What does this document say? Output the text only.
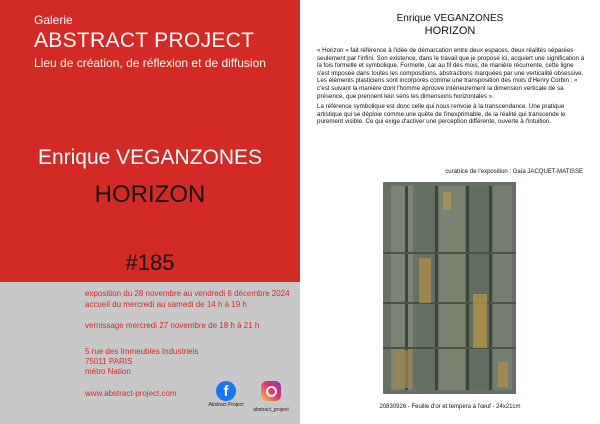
Galerie
ABSTRACT PROJECT
Lieu de création, de réflexion et de diffusion
Enrique VEGANZONES
HORIZON
#185
exposition du 28 novembre au vendredi 6 décembre 2024
accueil du mercredi au samedi de 14 h à 19 h
vernissage mercredi 27 novembre de 18 h à 21 h
5 rue des Immeubles Industriels
75011 PARIS
métro Nation
www.abstract-project.com	f
Abstract Project
abstract_project
Enrique VEGANZONES
HORIZON

« Horizon » fait référence à l'idée de démarcation entre deux espaces, deux réalités séparées seulement par l'infini. Son existence, dans le travail que je propose ici, acquiert une signification à la fois formelle et symbolique. Formelle, car au fil des mois, de manière récurrente, cette ligne s'est imposée dans toutes les compositions, abstractions marquées par une verticalité obsessive. Les éléments plasticiens sont incorporés comme une transposition des mots d'Henry Corbin : « c'est suivant la manière dont l'homme éprouve intérieurement la dimension verticale de sa présence, que prennent leur sens les dimensions horizontales ».

La référence symbolique est donc celle qui nous renvoie à la transcendance. Une pratique artistique qui se déploie comme une quête de l'inexprimable, de la réalité qui transcende le purement visible. Ce qui exige d'activer une perception différente, ouverte à l'intuition.

curatrice de l'exposition : Gaïa JACQUET-MATISSE
20830926 - Feuille d'or et tempera à l'œuf - 24x21cm
